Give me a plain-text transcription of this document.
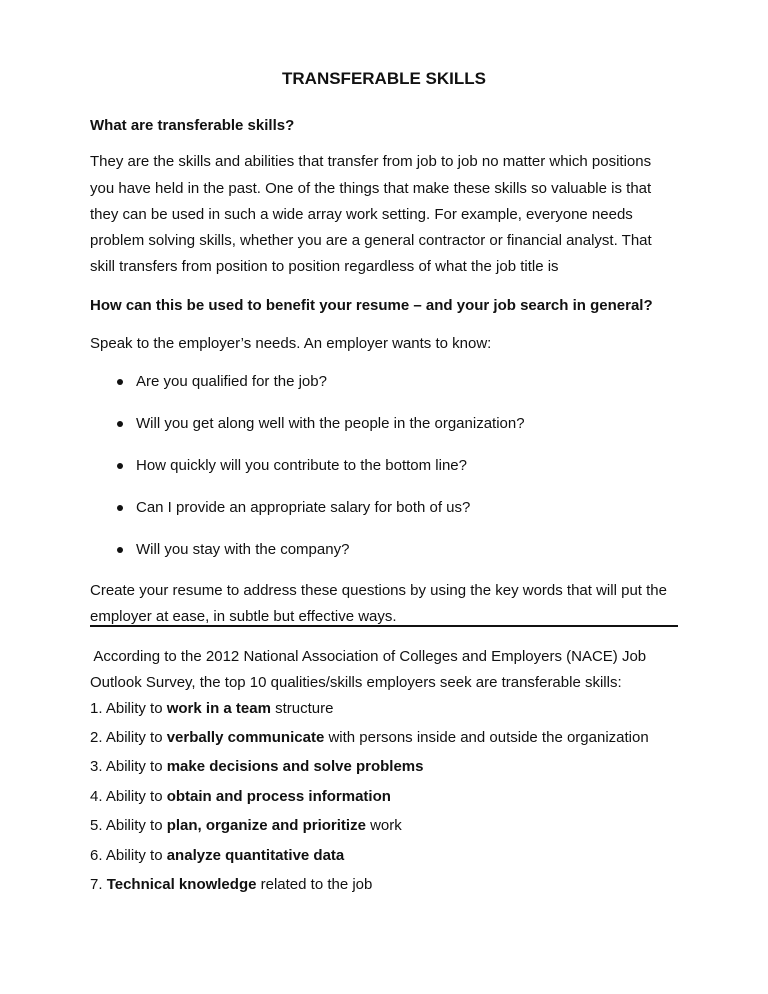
TRANSFERABLE SKILLS
What are transferable skills?
They are the skills and abilities that transfer from job to job no matter which positions
you have held in the past. One of the things that make these skills so valuable is that
they can be used in such a wide array work setting. For example, everyone needs
problem solving skills, whether you are a general contractor or financial analyst. That
skill transfers from position to position regardless of what the job title is
How can this be used to benefit your resume – and your job search in general?
Speak to the employer’s needs. An employer wants to know:
Are you qualified for the job?
Will you get along well with the people in the organization?
How quickly will you contribute to the bottom line?
Can I provide an appropriate salary for both of us?
Will you stay with the company?
Create your resume to address these questions by using the key words that will put the
employer at ease, in subtle but effective ways.
According to the 2012 National Association of Colleges and Employers (NACE) Job
Outlook Survey, the top 10 qualities/skills employers seek are transferable skills:
1. Ability to work in a team structure
2. Ability to verbally communicate with persons inside and outside the organization
3. Ability to make decisions and solve problems
4. Ability to obtain and process information
5. Ability to plan, organize and prioritize work
6. Ability to analyze quantitative data
7. Technical knowledge related to the job
